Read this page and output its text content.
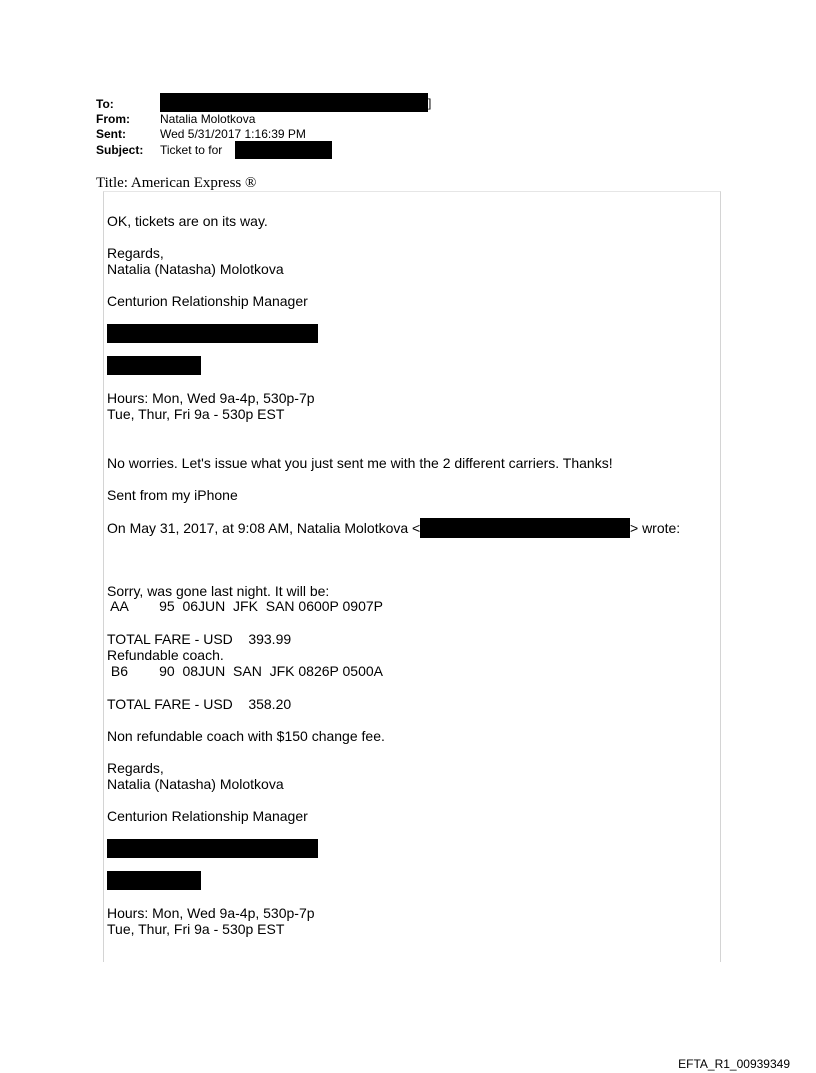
To:	]
From:	Natalia Molotkova
Sent:	Wed 5/31/2017 1:16:39 PM
Subject: Ticket to for
Title: American Express ®
OK, tickets are on its way.
Regards,
Natalia (Natasha) Molotkova
Centurion Relationship Manager
Hours: Mon, Wed 9a-4p, 530p-7p
Tue, Thur, Fri 9a - 530p EST
No worries. Let's issue what you just sent me with the 2 different carriers. Thanks!
Sent from my iPhone
On May 31, 2017, at 9:08 AM, Natalia Molotkova <	> wrote:
Sorry, was gone last night. It will be:
AA        95  06JUN  JFK  SAN 0600P 0907P
TOTAL FARE - USD    393.99
Refundable coach.
B6        90  08JUN  SAN  JFK 0826P 0500A
TOTAL FARE - USD    358.20
Non refundable coach with $150 change fee.
Regards,
Natalia (Natasha) Molotkova
Centurion Relationship Manager
Hours: Mon, Wed 9a-4p, 530p-7p
Tue, Thur, Fri 9a - 530p EST
EFTA_R1_00939349
